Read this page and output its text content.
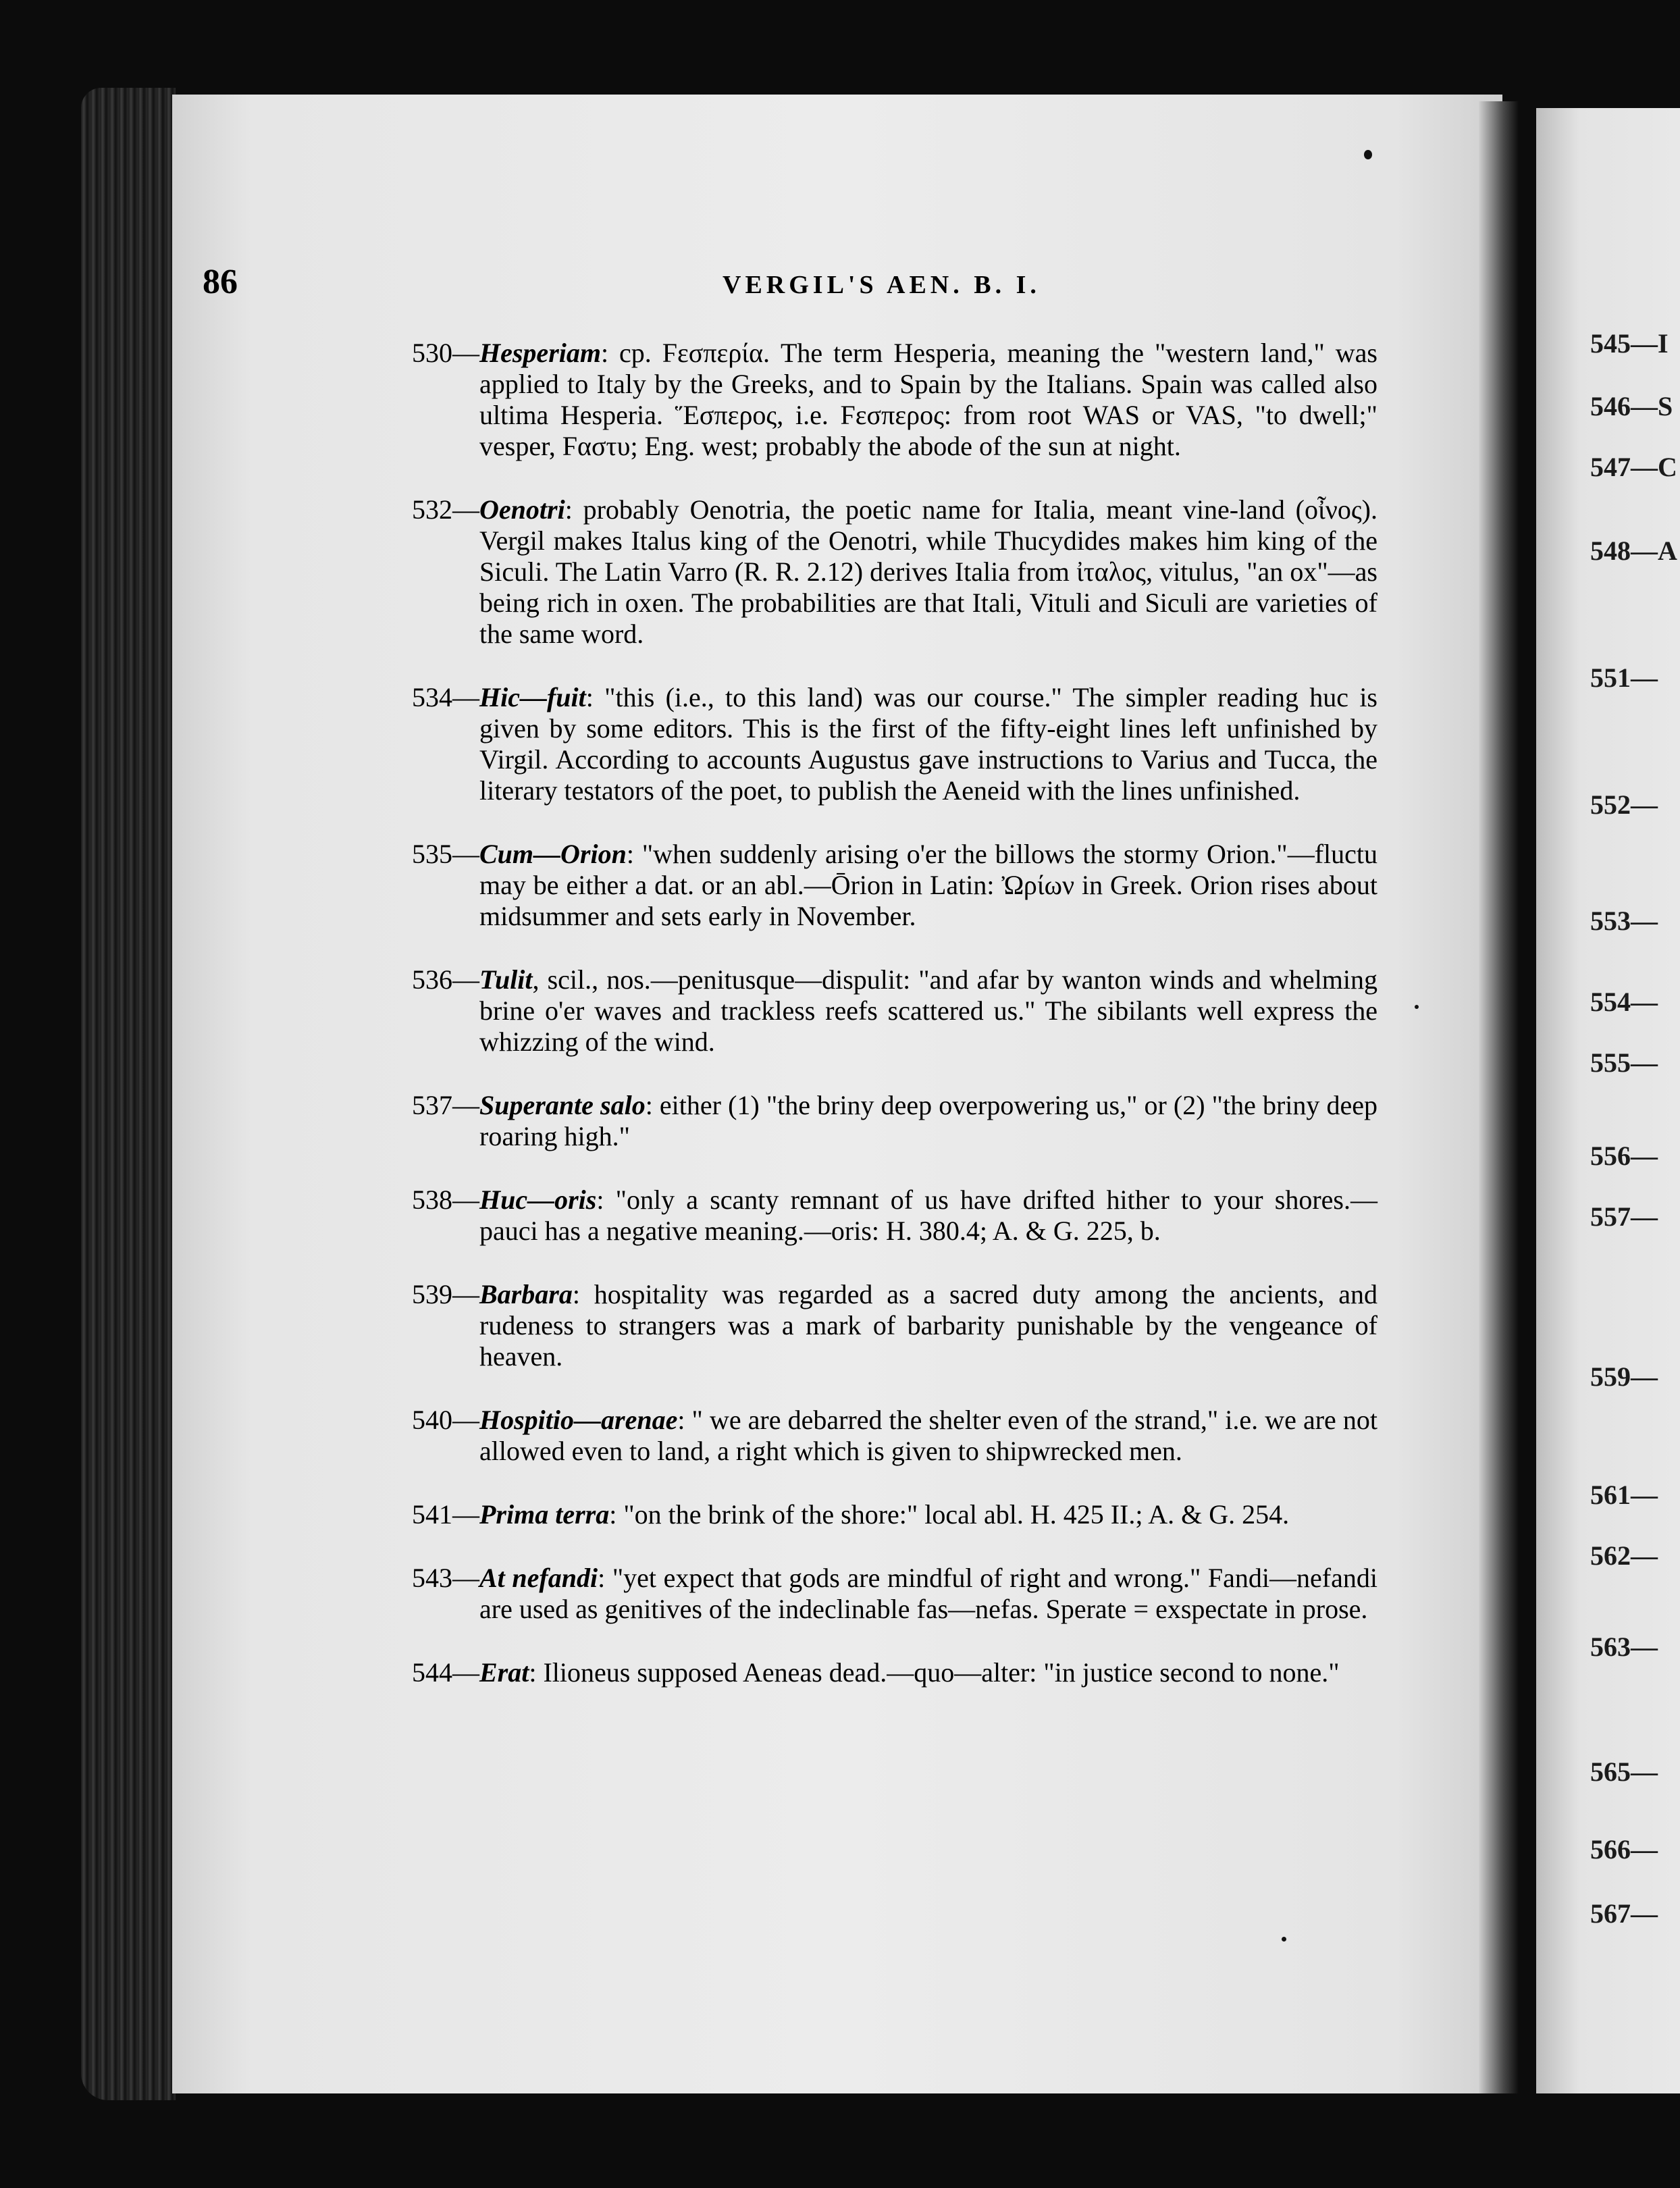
545—I
546—S
547—C
548—A
551—
552—
553—
554—
555—
556—
557—
559—
561—
562—
563—
565—
566—
567—
86	VERGIL'S AEN. B. I.
530— Hesperiam: cp. Ϝεσπερία. The term Hesperia, meaning the "western land," was applied to Italy by the Greeks, and to Spain by the Italians. Spain was called also ultima Hesperia. Ἕσπερος, i.e. Ϝεσπερος: from root WAS or VAS, "to dwell;" vesper, Ϝαστυ; Eng. west; probably the abode of the sun at night.
532— Oenotri: probably Oenotria, the poetic name for Italia, meant vine-land (οἶνος). Vergil makes Italus king of the Oenotri, while Thucydides makes him king of the Siculi. The Latin Varro (R. R. 2.12) derives Italia from ἰταλος, vitulus, "an ox"—as being rich in oxen. The probabilities are that Itali, Vituli and Siculi are varieties of the same word.
534— Hic—fuit: "this (i.e., to this land) was our course." The simpler reading huc is given by some editors. This is the first of the fifty-eight lines left unfinished by Virgil. According to accounts Augustus gave instructions to Varius and Tucca, the literary testators of the poet, to publish the Aeneid with the lines unfinished.
535— Cum—Orion: "when suddenly arising o'er the billows the stormy Orion."—fluctu may be either a dat. or an abl.—Ōrion in Latin: Ὠρίων in Greek. Orion rises about midsummer and sets early in November.
536— Tulit, scil., nos.—penitusque—dispulit: "and afar by wanton winds and whelming brine o'er waves and trackless reefs scattered us." The sibilants well express the whizzing of the wind.
537— Superante salo: either (1) "the briny deep overpowering us," or (2) "the briny deep roaring high."
538— Huc—oris: "only a scanty remnant of us have drifted hither to your shores.—pauci has a negative meaning.—oris: H. 380.4; A. & G. 225, b.
539— Barbara: hospitality was regarded as a sacred duty among the ancients, and rudeness to strangers was a mark of barbarity punishable by the vengeance of heaven.
540— Hospitio—arenae: " we are debarred the shelter even of the strand," i.e. we are not allowed even to land, a right which is given to shipwrecked men.
541— Prima terra: "on the brink of the shore:" local abl. H. 425 II.; A. & G. 254.
543— At nefandi: "yet expect that gods are mindful of right and wrong." Fandi—nefandi are used as genitives of the indeclinable fas—nefas. Sperate = exspectate in prose.
544— Erat: Ilioneus supposed Aeneas dead.—quo—alter: "in justice second to none."
